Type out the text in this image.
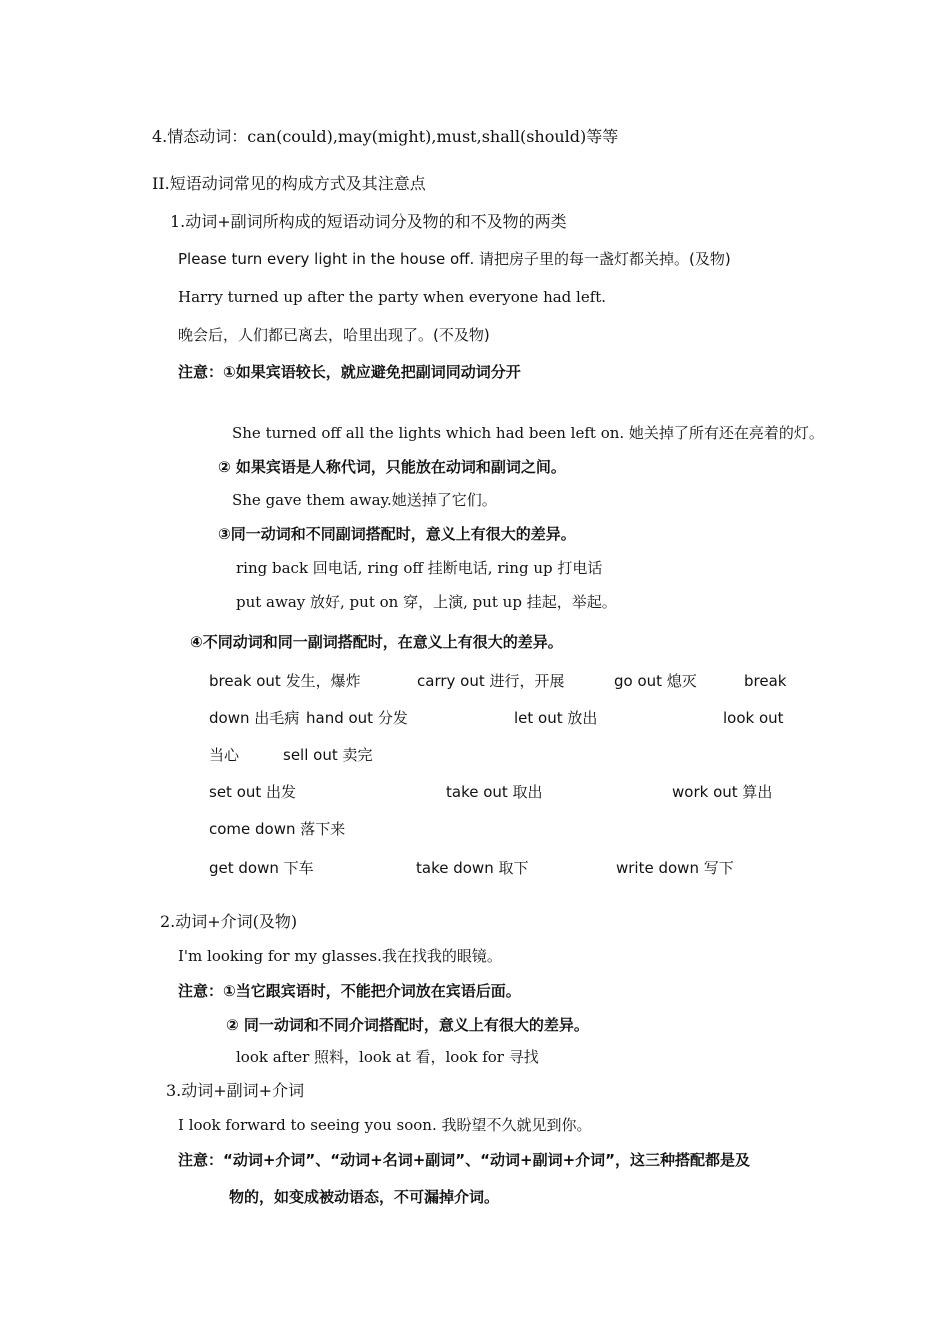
4.情态动词：can(could),may(might),must,shall(should)等等
II.短语动词常见的构成方式及其注意点
1.动词+副词所构成的短语动词分及物的和不及物的两类
Please turn every light in the house off. 请把房子里的每一盏灯都关掉。(及物)
Harry turned up after the party when everyone had left.
晚会后，人们都已离去，哈里出现了。(不及物)
注意：①如果宾语较长，就应避免把副词同动词分开
She turned off all the lights which had been left on. 她关掉了所有还在亮着的灯。
② 如果宾语是人称代词，只能放在动词和副词之间。
She gave them away.她送掉了它们。
③同一动词和不同副词搭配时，意义上有很大的差异。
ring back 回电话, ring off 挂断电话, ring up 打电话
put away 放好, put on 穿，上演, put up 挂起，举起。
④不同动词和同一副词搭配时，在意义上有很大的差异。
break out 发生，爆炸	carry out 进行，开展	go out 熄灭	break
down 出毛病 hand out 分发	let out 放出	look out
当心	sell out 卖完
set out 出发	take out 取出	work out 算出
come down 落下来
get down 下车	take down 取下	write down 写下
2.动词+介词(及物)
I'm looking for my glasses.我在找我的眼镜。
注意：①当它跟宾语时，不能把介词放在宾语后面。
② 同一动词和不同介词搭配时，意义上有很大的差异。
look after 照料，look at 看，look for 寻找
3.动词+副词+介词
I look forward to seeing you soon. 我盼望不久就见到你。
注意：“动词+介词”、“动词+名词+副词”、“动词+副词+介词”，这三种搭配都是及
物的，如变成被动语态，不可漏掉介词。
